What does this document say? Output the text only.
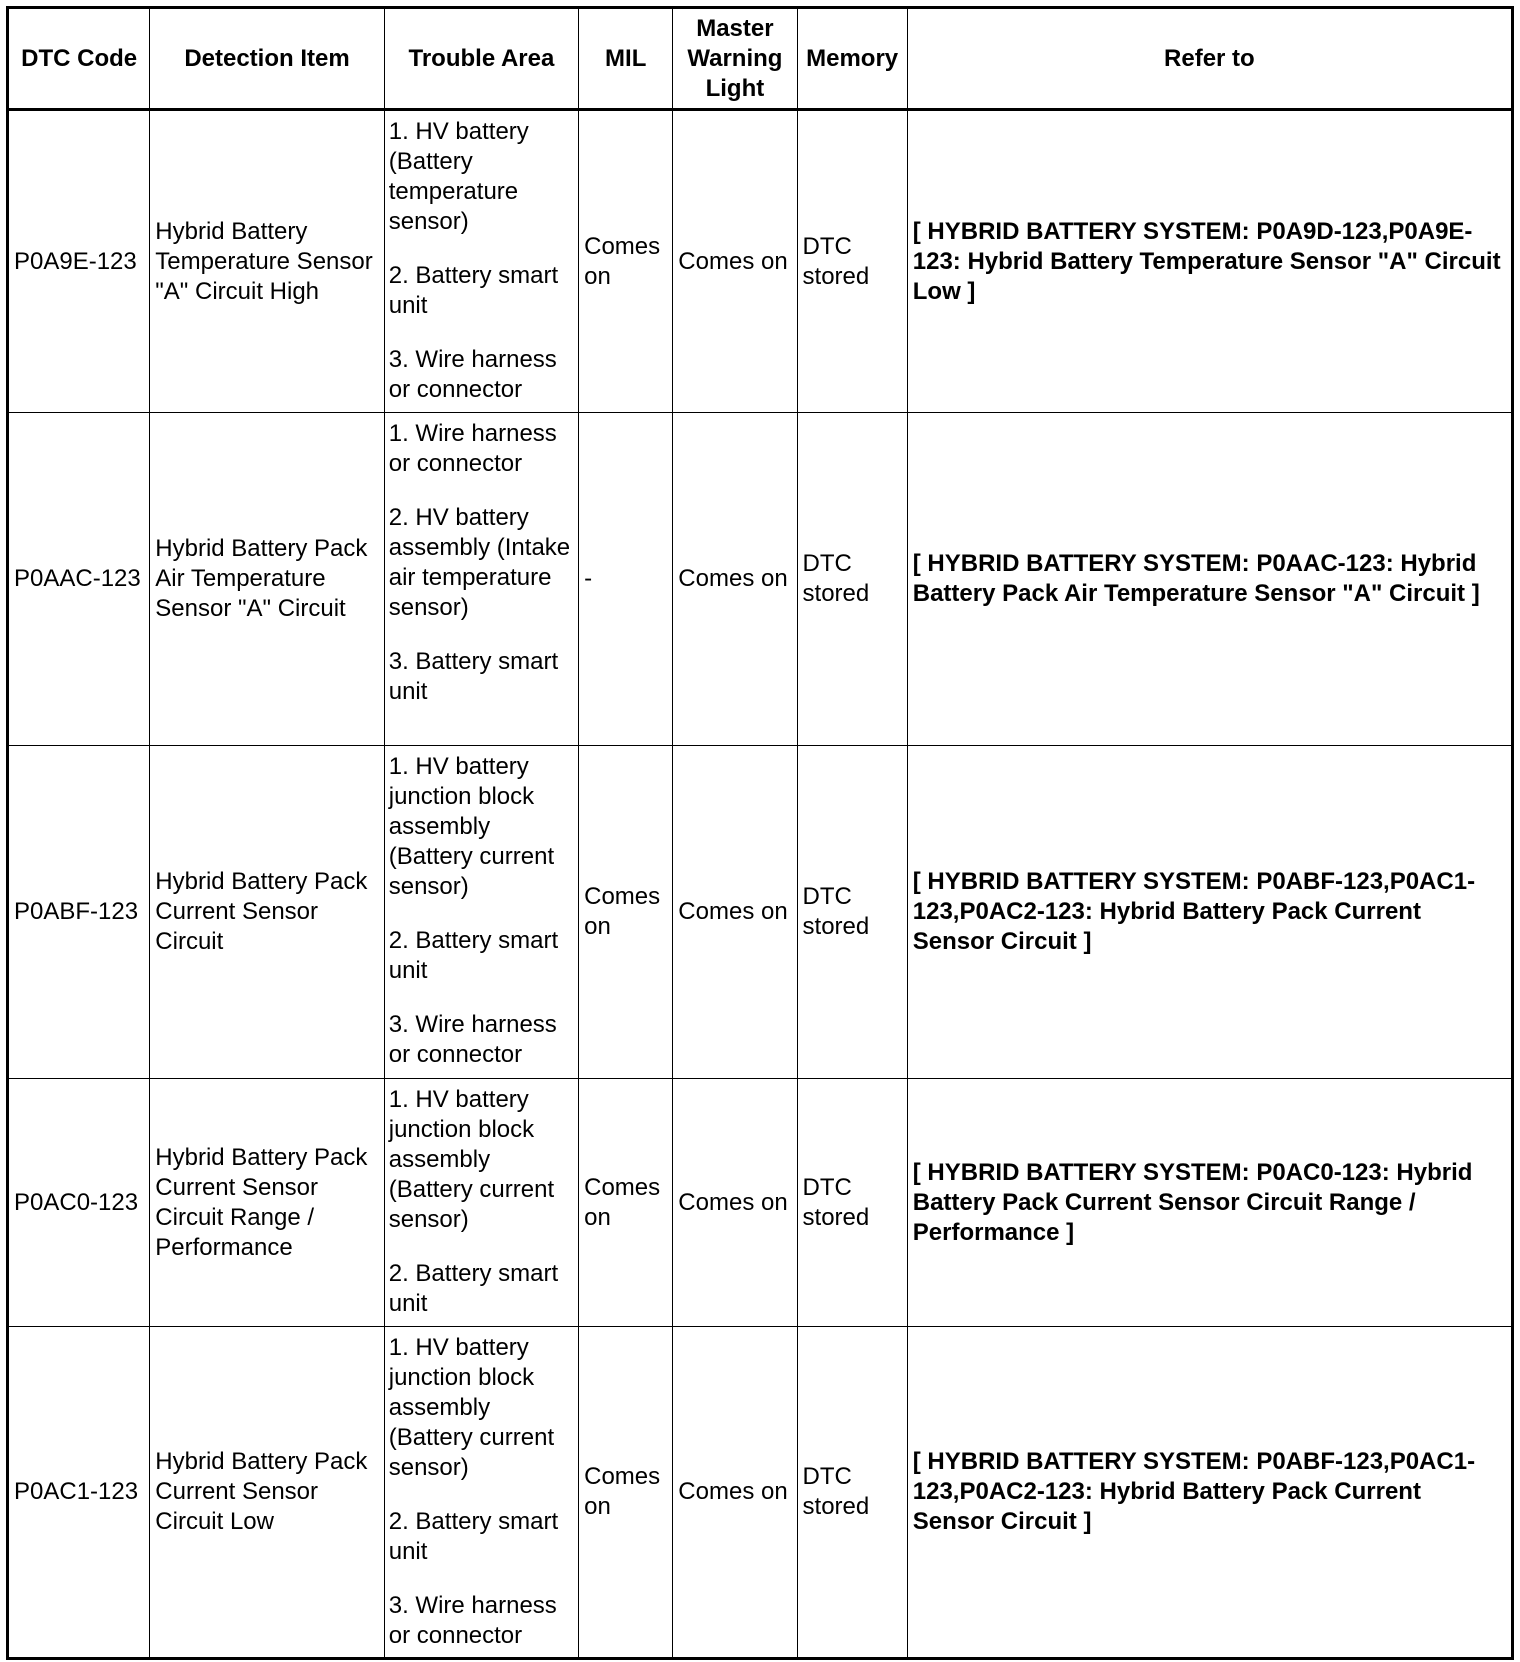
DTC Code	Detection Item	Trouble Area	MIL	Master Warning Light	Memory	Refer to
P0A9E-123	Hybrid Battery Temperature Sensor "A" Circuit High	1. HV battery (Battery temperature sensor)
2. Battery smart unit
3. Wire harness or connector	Comes on	Comes on	DTC stored	[ HYBRID BATTERY SYSTEM: P0A9D-123,P0A9E-123: Hybrid Battery Temperature Sensor "A" Circuit Low ]
P0AAC-123	Hybrid Battery Pack Air Temperature Sensor "A" Circuit	1. Wire harness or connector
2. HV battery assembly (Intake air temperature sensor)
3. Battery smart unit	-	Comes on	DTC stored	[ HYBRID BATTERY SYSTEM: P0AAC-123: Hybrid Battery Pack Air Temperature Sensor "A" Circuit ]
P0ABF-123	Hybrid Battery Pack Current Sensor Circuit	1. HV battery junction block assembly (Battery current sensor)
2. Battery smart unit
3. Wire harness or connector	Comes on	Comes on	DTC stored	[ HYBRID BATTERY SYSTEM: P0ABF-123,P0AC1-123,P0AC2-123: Hybrid Battery Pack Current Sensor Circuit ]
P0AC0-123	Hybrid Battery Pack Current Sensor Circuit Range / Performance	1. HV battery junction block assembly (Battery current sensor)
2. Battery smart unit	Comes on	Comes on	DTC stored	[ HYBRID BATTERY SYSTEM: P0AC0-123: Hybrid Battery Pack Current Sensor Circuit Range / Performance ]
P0AC1-123	Hybrid Battery Pack Current Sensor Circuit Low	1. HV battery junction block assembly (Battery current sensor)
2. Battery smart unit
3. Wire harness or connector	Comes on	Comes on	DTC stored	[ HYBRID BATTERY SYSTEM: P0ABF-123,P0AC1-123,P0AC2-123: Hybrid Battery Pack Current Sensor Circuit ]
